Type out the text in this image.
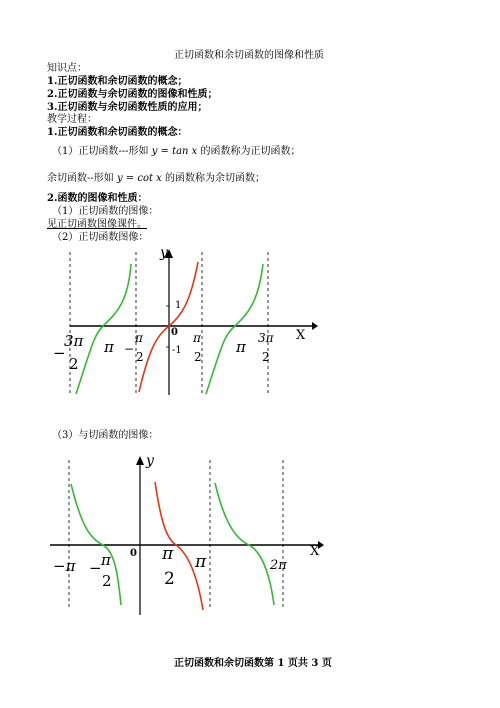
正切函数和余切函数的图像和性质
知识点：
1.正切函数和余切函数的概念；
2.正切函数与余切函数的图像和性质；
3.正切函数与余切函数性质的应用；
教学过程：
1.正切函数和余切函数的概念：
（1）正切函数---形如 y = tan x 的函数称为正切函数；
余切函数--形如 y = cot x 的函数称为余切函数；
2.函数的图像和性质：
（1）正切函数的图像：
见正切函数图像课件。
（2）正切函数图像：
y
X
1
0
-1
−
3π
2
π −
π
2
π
2
π 3π
2
（3）与切函数的图像：
y
X
0
−π − π
2
π
2
π	2π
正切函数和余切函数第 1 页共 3 页
